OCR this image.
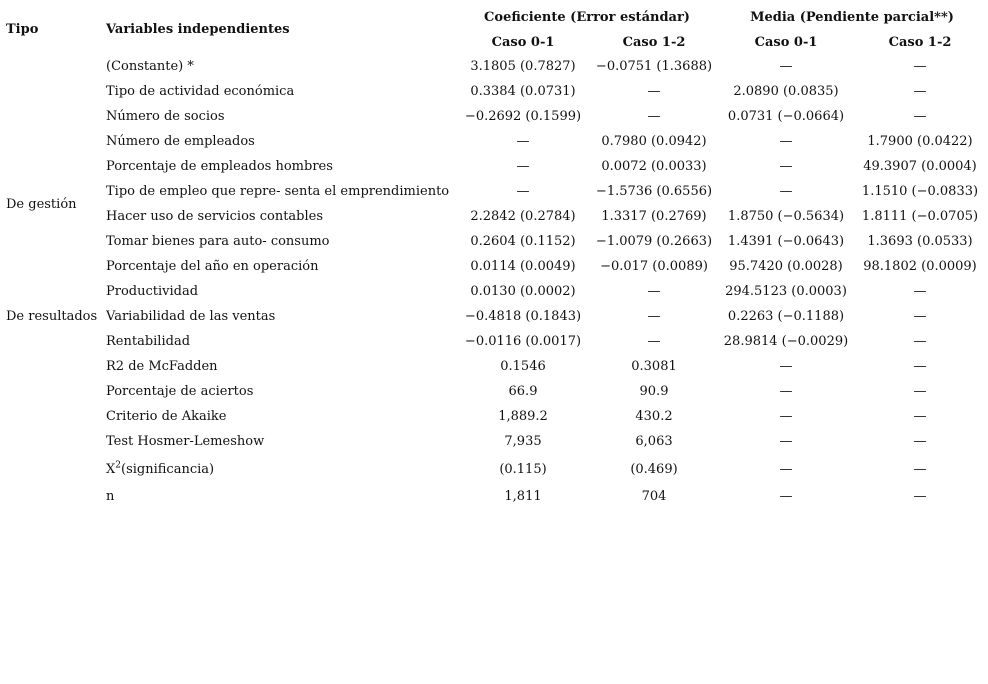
Tipo	Variables independientes	Coeficiente (Error estándar)		Media (Pendiente parcial**)	
		Caso 0-1	Caso 1-2	Caso 0-1	Caso 1-2
	(Constante) *	3.1805 (0.7827)	−0.0751 (1.3688)	—	—
	Tipo de actividad económica	0.3384 (0.0731)	—	2.0890 (0.0835)	—
	Número de socios	−0.2692 (0.1599)	—	0.0731 (−0.0664)	—
De gestión	Número de empleados	—	0.7980 (0.0942)	—	1.7900 (0.0422)
	Porcentaje de empleados hombres	—	0.0072 (0.0033)	—	49.3907 (0.0004)
	Tipo de empleo que repre- senta el emprendimiento	—	−1.5736 (0.6556)	—	1.1510 (−0.0833)
	Hacer uso de servicios contables	2.2842 (0.2784)	1.3317 (0.2769)	1.8750 (−0.5634)	1.8111 (−0.0705)
	Tomar bienes para auto- consumo	0.2604 (0.1152)	−1.0079 (0.2663)	1.4391 (−0.0643)	1.3693 (0.0533)
	Porcentaje del año en operación	0.0114 (0.0049)	−0.017 (0.0089)	95.7420 (0.0028)	98.1802 (0.0009)
De resultados	Productividad	0.0130 (0.0002)	—	294.5123 (0.0003)	—
	Variabilidad de las ventas	−0.4818 (0.1843)	—	0.2263 (−0.1188)	—
	Rentabilidad	−0.0116 (0.0017)	—	28.9814 (−0.0029)	—
	R2 de McFadden	0.1546	0.3081	—	—
	Porcentaje de aciertos	66.9	90.9	—	—
	Criterio de Akaike	1,889.2	430.2	—	—
	Test Hosmer-Lemeshow	7,935	6,063	—	—
	$X^2(significancia)$	(0.115)	(0.469)	—	—
	n	1,811	704	—	—
